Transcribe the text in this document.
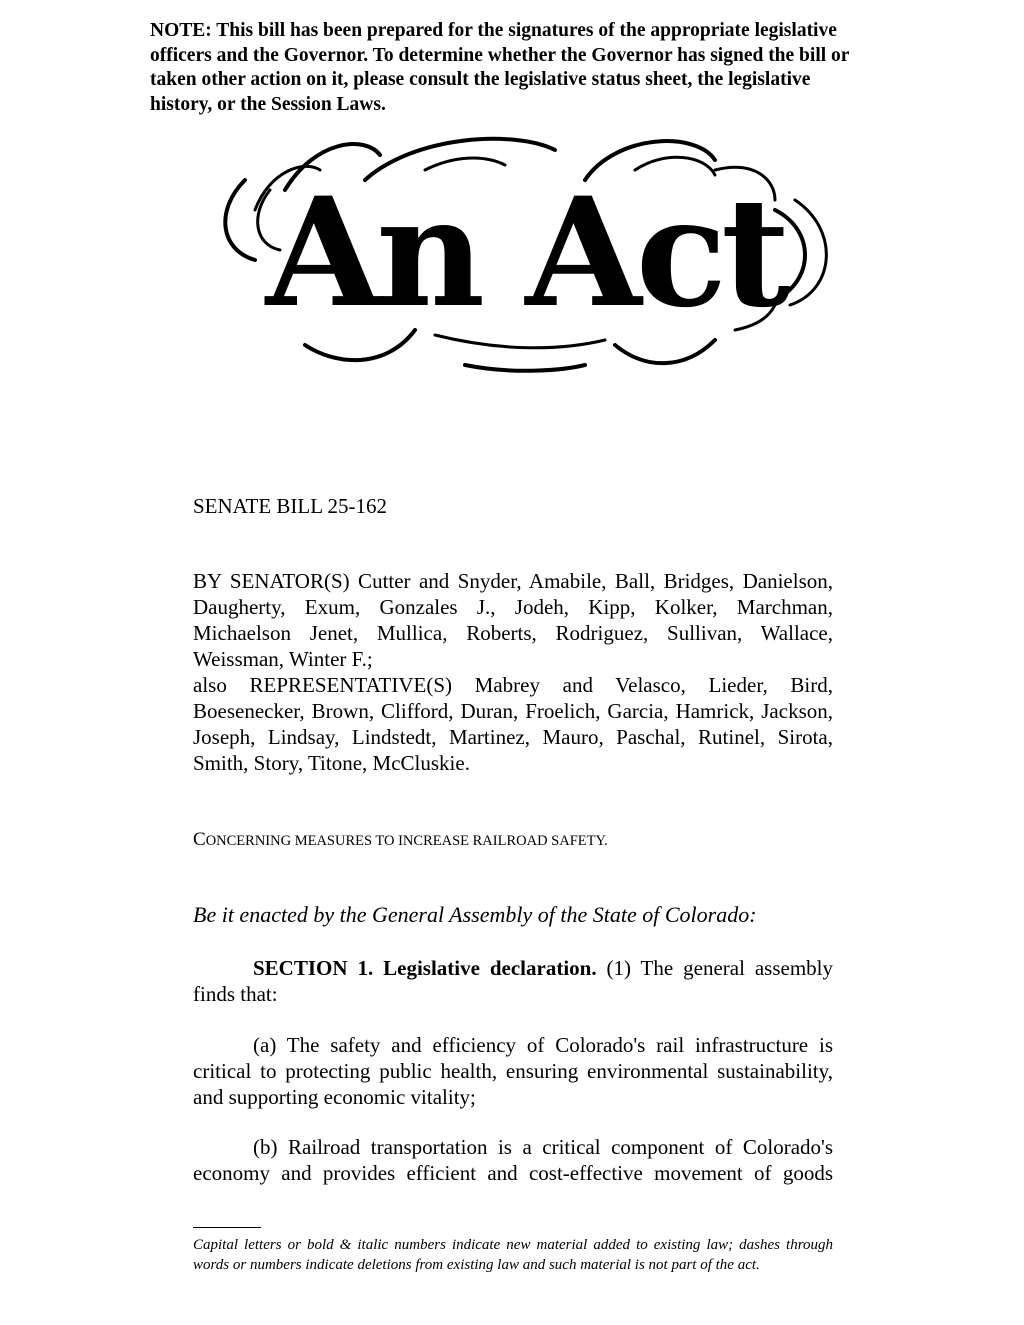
NOTE: This bill has been prepared for the signatures of the appropriate legislative officers and the Governor. To determine whether the Governor has signed the bill or taken other action on it, please consult the legislative status sheet, the legislative history, or the Session Laws.
An Act
SENATE BILL 25-162

BY SENATOR(S) Cutter and Snyder, Amabile, Ball, Bridges, Danielson, Daugherty, Exum, Gonzales J., Jodeh, Kipp, Kolker, Marchman, Michaelson Jenet, Mullica, Roberts, Rodriguez, Sullivan, Wallace, Weissman, Winter F.;

also REPRESENTATIVE(S) Mabrey and Velasco, Lieder, Bird, Boesenecker, Brown, Clifford, Duran, Froelich, Garcia, Hamrick, Jackson, Joseph, Lindsay, Lindstedt, Martinez, Mauro, Paschal, Rutinel, Sirota, Smith, Story, Titone, McCluskie.

CONCERNING MEASURES TO INCREASE RAILROAD SAFETY.
Be it enacted by the General Assembly of the State of Colorado:
SECTION 1. Legislative declaration. (1) The general assembly finds that:
(a) The safety and efficiency of Colorado's rail infrastructure is critical to protecting public health, ensuring environmental sustainability, and supporting economic vitality;
(b) Railroad transportation is a critical component of Colorado's economy and provides efficient and cost-effective movement of goods
Capital letters or bold & italic numbers indicate new material added to existing law; dashes through words or numbers indicate deletions from existing law and such material is not part of the act.
